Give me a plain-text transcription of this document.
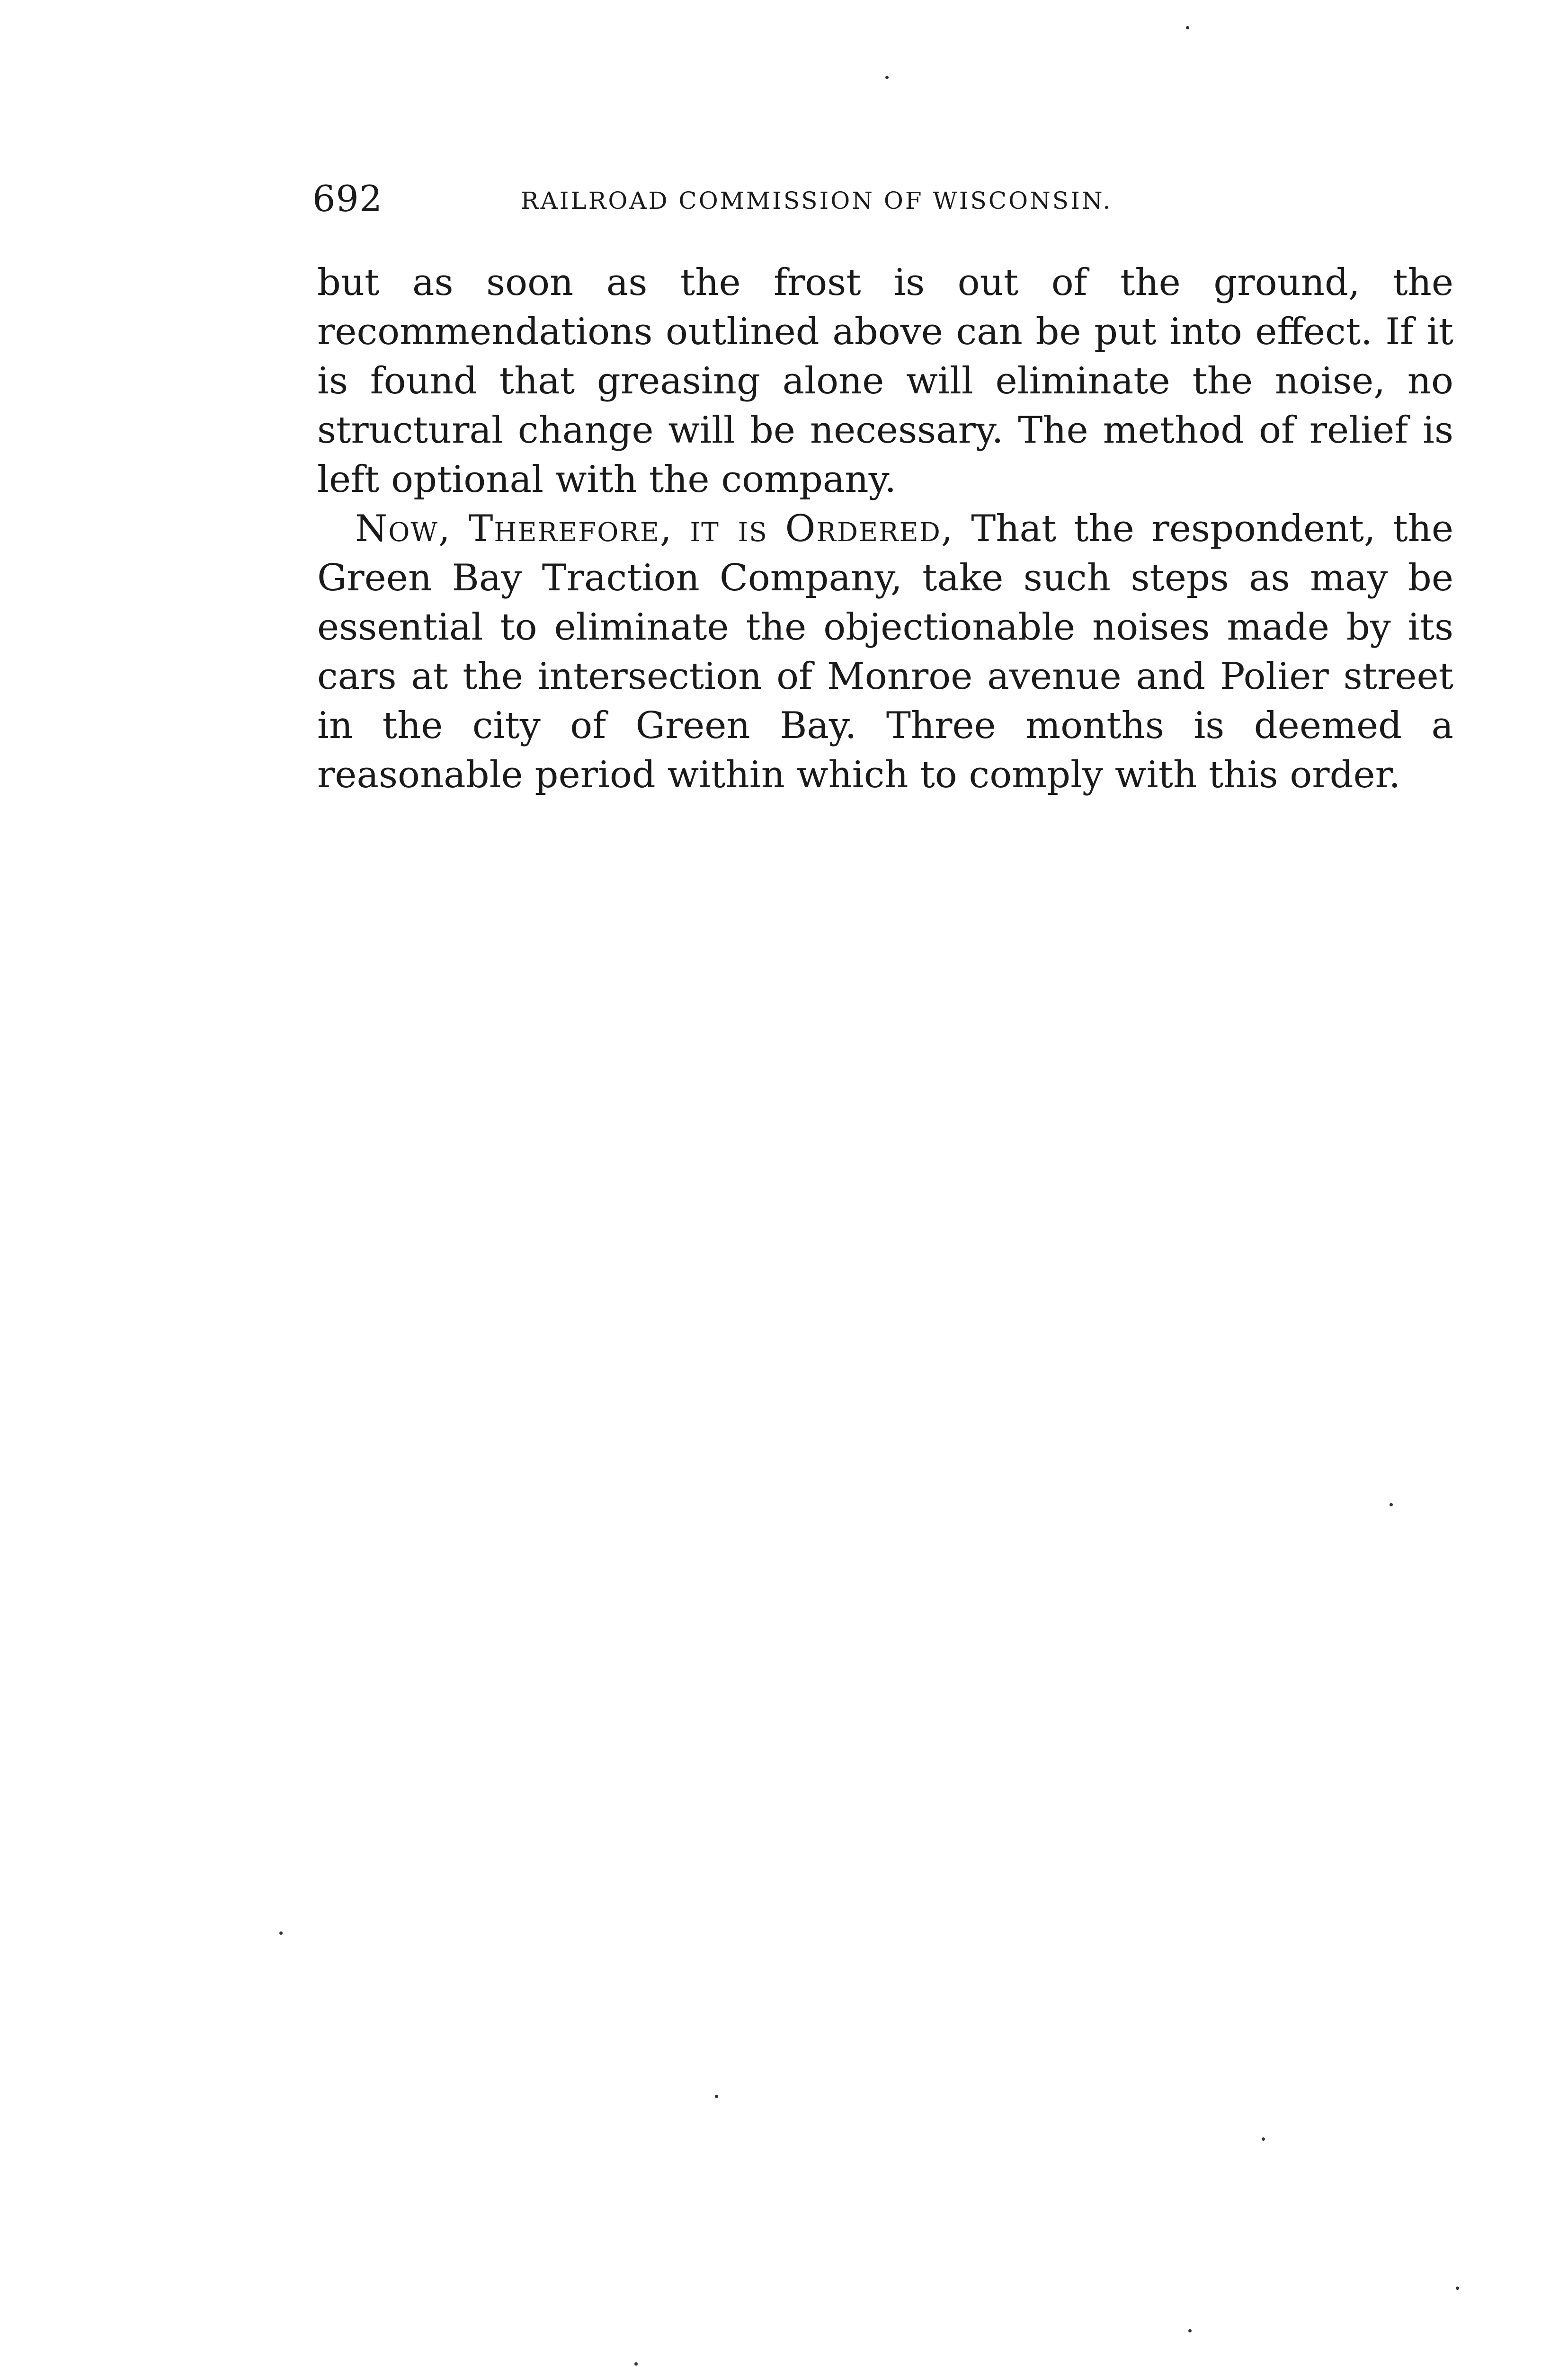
692	RAILROAD COMMISSION OF WISCONSIN.

but as soon as the frost is out of the ground, the recommendations outlined above can be put into effect. If it is found that greasing alone will eliminate the noise, no structural change will be necessary. The method of relief is left optional with the company.

Now, Therefore, it is Ordered, That the respondent, the Green Bay Traction Company, take such steps as may be essential to eliminate the objectionable noises made by its cars at the intersection of Monroe avenue and Polier street in the city of Green Bay. Three months is deemed a reasonable period within which to comply with this order.
